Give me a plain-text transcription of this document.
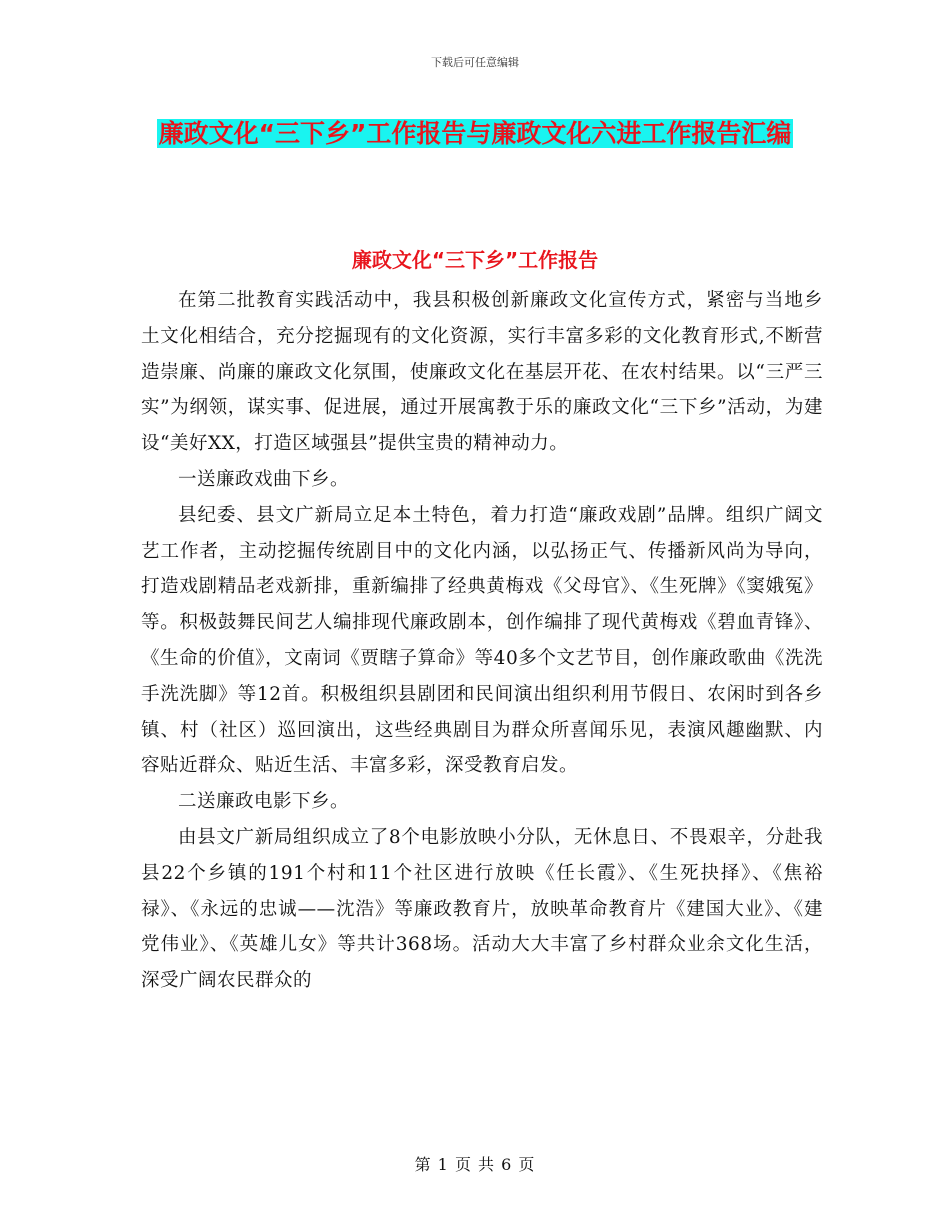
下载后可任意编辑
廉政文化“三下乡”工作报告与廉政文化六进工作报告汇编
廉政文化“三下乡”工作报告

在第二批教育实践活动中，我县积极创新廉政文化宣传方式，紧密与当地乡土文化相结合，充分挖掘现有的文化资源，实行丰富多彩的文化教育形式,不断营造崇廉、尚廉的廉政文化氛围，使廉政文化在基层开花、在农村结果。以“三严三实”为纲领，谋实事、促进展，通过开展寓教于乐的廉政文化“三下乡”活动，为建设“美好XX，打造区域强县”提供宝贵的精神动力。

一送廉政戏曲下乡。

县纪委、县文广新局立足本土特色，着力打造“廉政戏剧”品牌。组织广阔文艺工作者，主动挖掘传统剧目中的文化内涵，以弘扬正气、传播新风尚为导向，打造戏剧精品老戏新排，重新编排了经典黄梅戏《父母官》、《生死牌》《窦娥冤》等。积极鼓舞民间艺人编排现代廉政剧本，创作编排了现代黄梅戏《碧血青锋》、《生命的价值》，文南词《贾瞎子算命》等40多个文艺节目，创作廉政歌曲《洗洗手洗洗脚》等12首。积极组织县剧团和民间演出组织利用节假日、农闲时到各乡镇、村（社区）巡回演出，这些经典剧目为群众所喜闻乐见，表演风趣幽默、内容贴近群众、贴近生活、丰富多彩，深受教育启发。

二送廉政电影下乡。

由县文广新局组织成立了8个电影放映小分队，无休息日、不畏艰辛，分赴我县22个乡镇的191个村和11个社区进行放映《任长霞》、《生死抉择》、《焦裕禄》、《永远的忠诚——沈浩》等廉政教育片，放映革命教育片《建国大业》、《建党伟业》、《英雄儿女》等共计368场。活动大大丰富了乡村群众业余文化生活，深受广阔农民群众的

第 1 页 共 6 页
